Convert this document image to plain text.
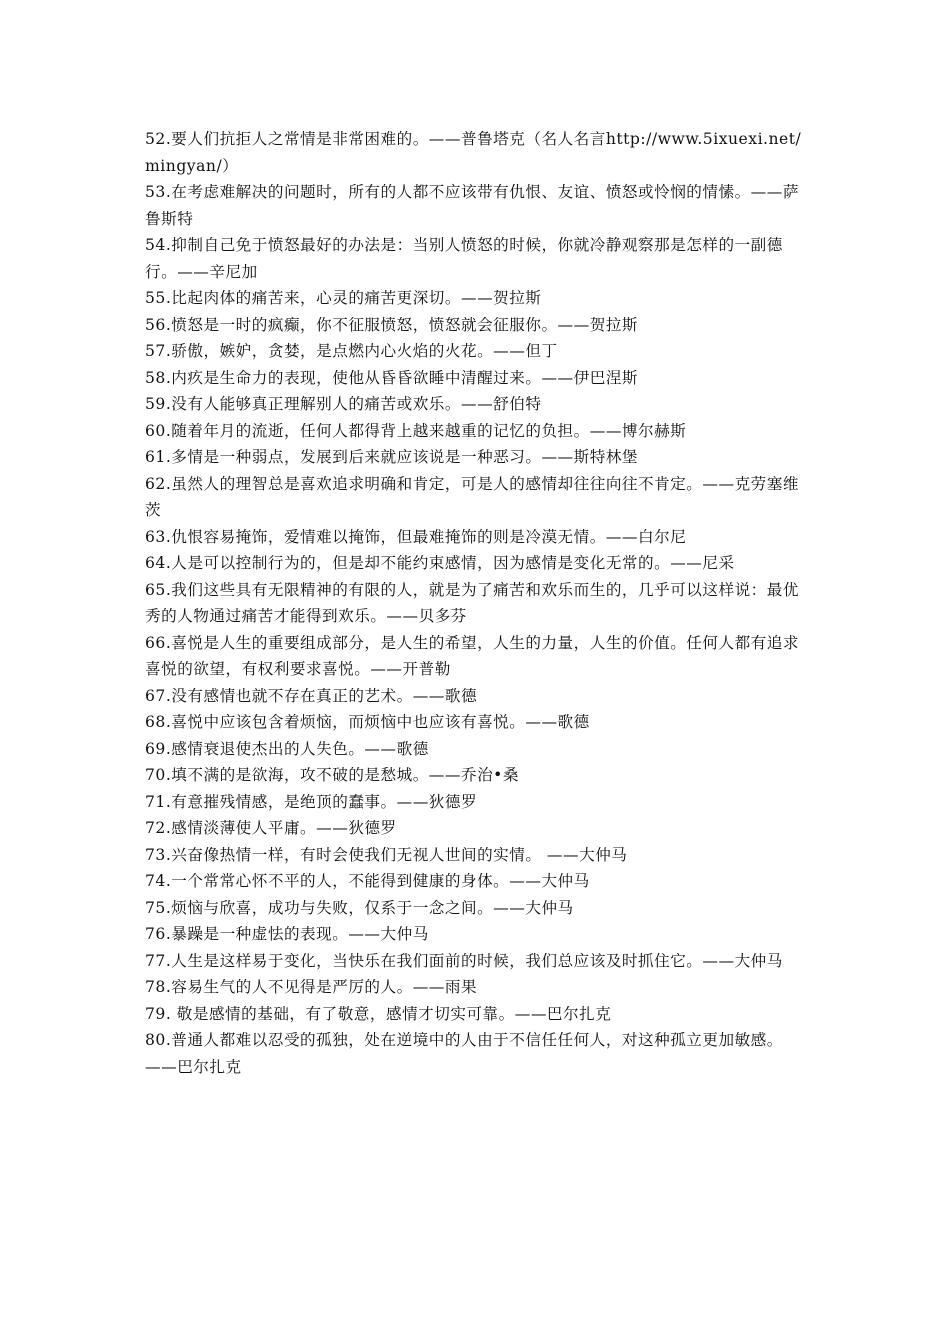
52.要人们抗拒人之常情是非常困难的。——普鲁塔克（名人名言http://www.5ixuexi.net/mingyan/）

53.在考虑难解决的问题时，所有的人都不应该带有仇恨、友谊、愤怒或怜悯的情愫。——萨鲁斯特

54.抑制自己免于愤怒最好的办法是：当别人愤怒的时候，你就冷静观察那是怎样的一副德行。——辛尼加

55.比起肉体的痛苦来，心灵的痛苦更深切。——贺拉斯

56.愤怒是一时的疯癫，你不征服愤怒，愤怒就会征服你。——贺拉斯

57.骄傲，嫉妒，贪婪，是点燃内心火焰的火花。——但丁

58.内疚是生命力的表现，使他从昏昏欲睡中清醒过来。——伊巴涅斯

59.没有人能够真正理解别人的痛苦或欢乐。——舒伯特

60.随着年月的流逝，任何人都得背上越来越重的记忆的负担。——博尔赫斯

61.多情是一种弱点，发展到后来就应该说是一种恶习。——斯特林堡

62.虽然人的理智总是喜欢追求明确和肯定，可是人的感情却往往向往不肯定。——克劳塞维茨

63.仇恨容易掩饰，爱情难以掩饰，但最难掩饰的则是冷漠无情。——白尔尼

64.人是可以控制行为的，但是却不能约束感情，因为感情是变化无常的。——尼采

65.我们这些具有无限精神的有限的人，就是为了痛苦和欢乐而生的，几乎可以这样说：最优秀的人物通过痛苦才能得到欢乐。——贝多芬

66.喜悦是人生的重要组成部分，是人生的希望，人生的力量，人生的价值。任何人都有追求喜悦的欲望，有权利要求喜悦。——开普勒

67.没有感情也就不存在真正的艺术。——歌德

68.喜悦中应该包含着烦恼，而烦恼中也应该有喜悦。——歌德

69.感情衰退使杰出的人失色。——歌德

70.填不满的是欲海，攻不破的是愁城。——乔治•桑

71.有意摧残情感，是绝顶的蠢事。——狄德罗

72.感情淡薄使人平庸。——狄德罗

73.兴奋像热情一样，有时会使我们无视人世间的实情。 ——大仲马

74.一个常常心怀不平的人，不能得到健康的身体。——大仲马

75.烦恼与欣喜，成功与失败，仅系于一念之间。——大仲马

76.暴躁是一种虚怯的表现。——大仲马

77.人生是这样易于变化，当快乐在我们面前的时候，我们总应该及时抓住它。——大仲马

78.容易生气的人不见得是严厉的人。——雨果

79. 敬是感情的基础，有了敬意，感情才切实可靠。——巴尔扎克

80.普通人都难以忍受的孤独，处在逆境中的人由于不信任任何人，对这种孤立更加敏感。——巴尔扎克
